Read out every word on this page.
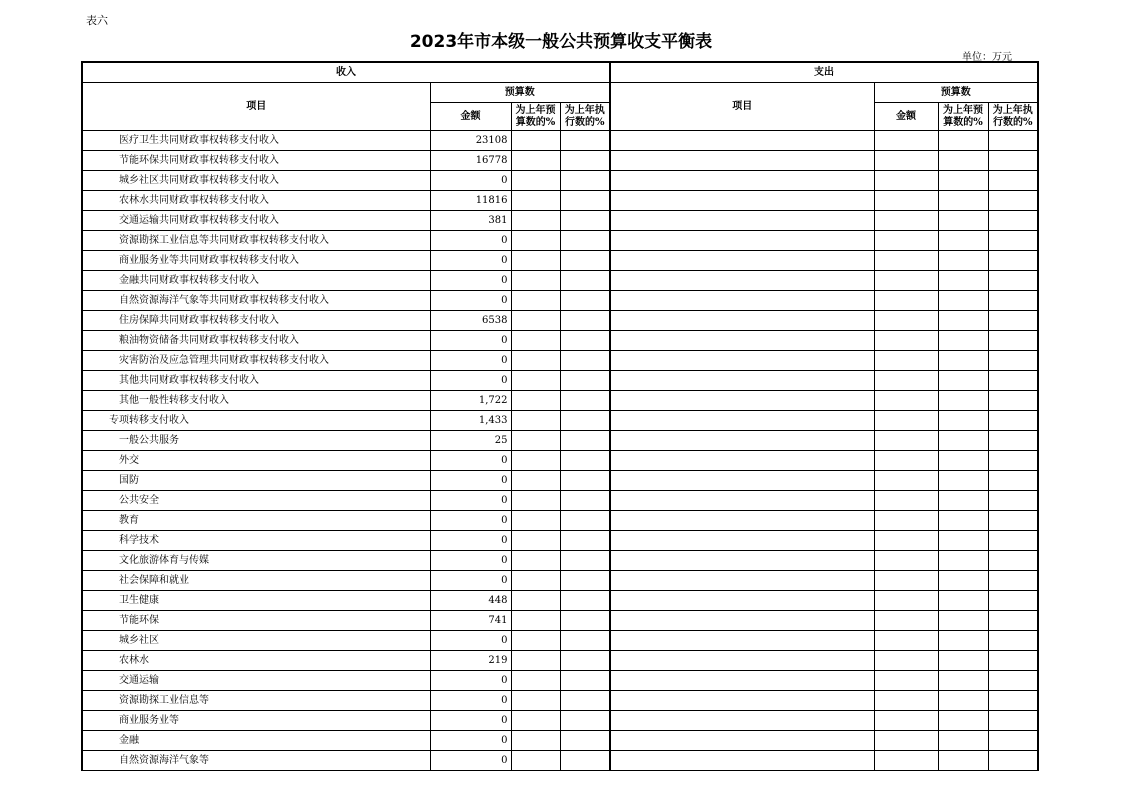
表六
2023年市本级一般公共预算收支平衡表
单位：万元
收入				支出			
项目	预算数			项目	预算数		
	金额	为上年预算数的%	为上年执行数的%		金额	为上年预算数的%	为上年执行数的%
医疗卫生共同财政事权转移支付收入	23108						
节能环保共同财政事权转移支付收入	16778						
城乡社区共同财政事权转移支付收入	0						
农林水共同财政事权转移支付收入	11816						
交通运输共同财政事权转移支付收入	381						
资源勘探工业信息等共同财政事权转移支付收入	0						
商业服务业等共同财政事权转移支付收入	0						
金融共同财政事权转移支付收入	0						
自然资源海洋气象等共同财政事权转移支付收入	0						
住房保障共同财政事权转移支付收入	6538						
粮油物资储备共同财政事权转移支付收入	0						
灾害防治及应急管理共同财政事权转移支付收入	0						
其他共同财政事权转移支付收入	0						
其他一般性转移支付收入	1,722						
专项转移支付收入	1,433						
一般公共服务	25						
外交	0						
国防	0						
公共安全	0						
教育	0						
科学技术	0						
文化旅游体育与传媒	0						
社会保障和就业	0						
卫生健康	448						
节能环保	741						
城乡社区	0						
农林水	219						
交通运输	0						
资源勘探工业信息等	0						
商业服务业等	0						
金融	0						
自然资源海洋气象等	0						
